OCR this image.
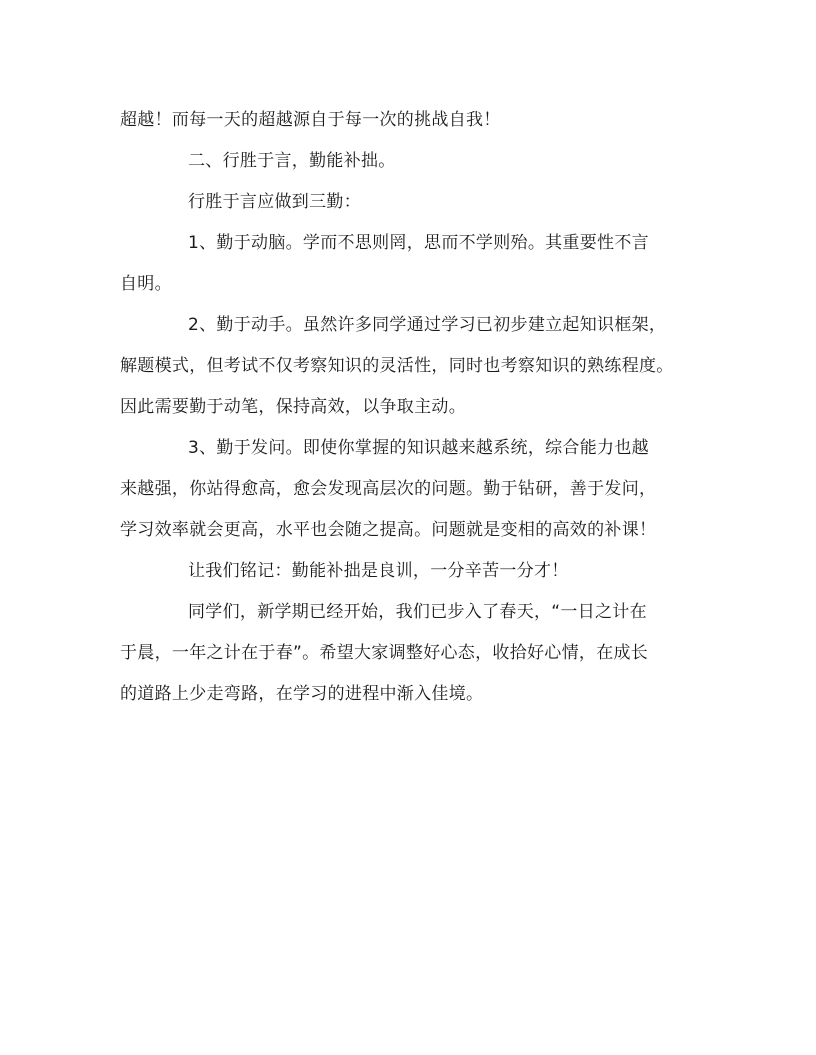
超越！而每一天的超越源自于每一次的挑战自我！

二、行胜于言，勤能补拙。

行胜于言应做到三勤：

1、勤于动脑。学而不思则罔，思而不学则殆。其重要性不言
自明。

2、勤于动手。虽然许多同学通过学习已初步建立起知识框架，
解题模式，但考试不仅考察知识的灵活性，同时也考察知识的熟练程度。
因此需要勤于动笔，保持高效，以争取主动。

3、勤于发问。即使你掌握的知识越来越系统，综合能力也越
来越强，你站得愈高，愈会发现高层次的问题。勤于钻研，善于发问，
学习效率就会更高，水平也会随之提高。问题就是变相的高效的补课！

让我们铭记：勤能补拙是良训，一分辛苦一分才！

同学们，新学期已经开始，我们已步入了春天，“一日之计在
于晨，一年之计在于春”。希望大家调整好心态，收拾好心情，在成长
的道路上少走弯路，在学习的进程中渐入佳境。
